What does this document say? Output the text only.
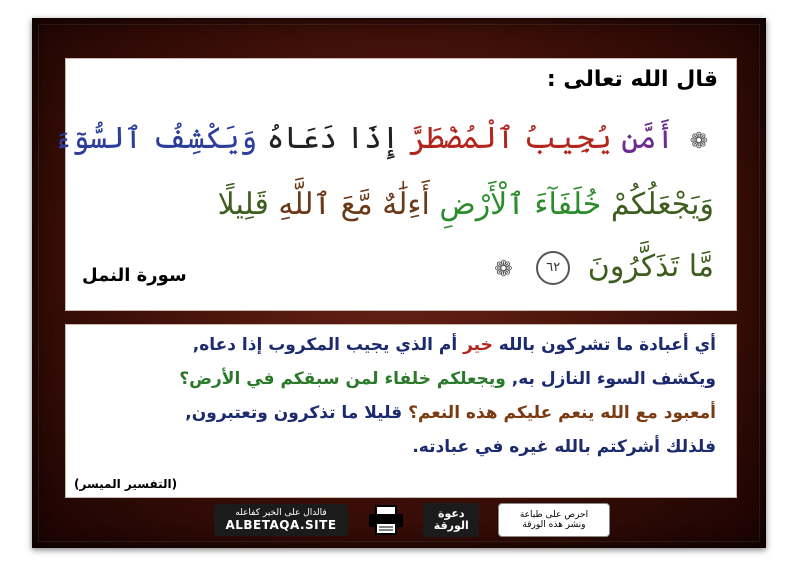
قال الله تعالى :
❁ أَمَّن يُجِيبُ ٱلْمُضْطَرَّ إِذَا دَعَاهُ وَيَكْشِفُ ٱلسُّوٓءَ
وَيَجْعَلُكُمْ خُلَفَآءَ ٱلْأَرْضِ أَءِلَٰهٌ مَّعَ ٱللَّهِ قَلِيلًا
مَّا تَذَكَّرُونَ ٦٢ ❁
سورة النمل
أي أعبادة ما تشركون بالله خير أم الذي يجيب المكروب إذا دعاه,
ويكشف السوء النازل به, ويجعلكم خلفاء لمن سبقكم في الأرض؟
أمعبود مع الله ينعم عليكم هذه النعم؟ قليلا ما تذكرون وتعتبرون,
فلذلك أشركتم بالله غيره في عبادته.
(التفسير الميسر)
فالدال على الخير كفاعله
ALBETAQA.SITE
دعوة الورقة
احرص على طباعة
ونشر هذه الورقة
